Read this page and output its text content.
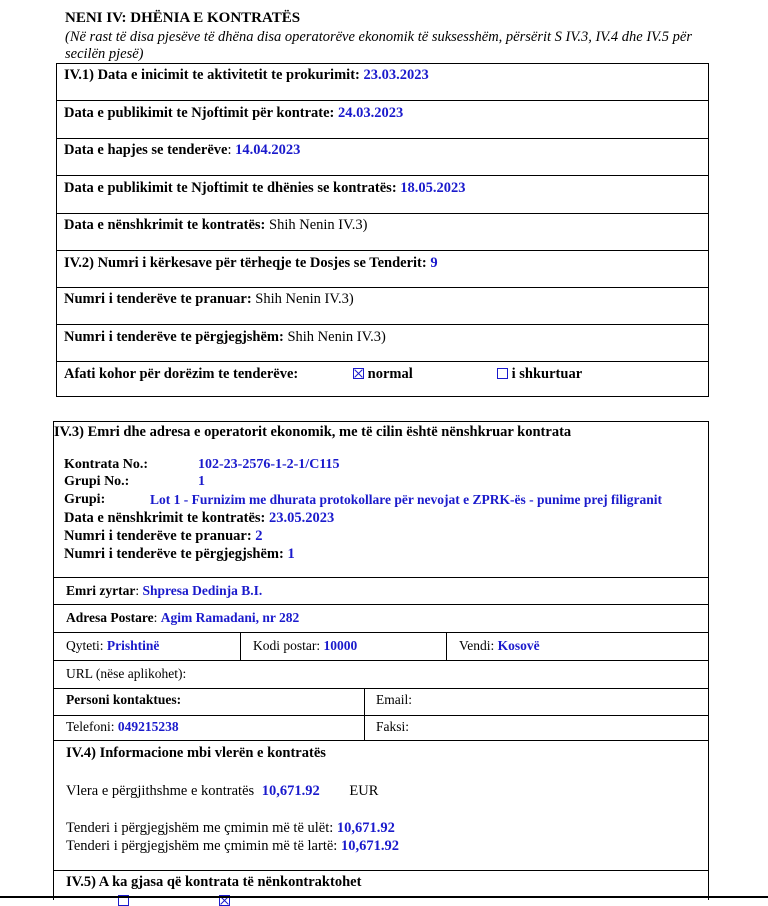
NENI IV: DHËNIA E KONTRATËS
(Në rast të disa pjesëve të dhëna disa operatorëve ekonomik të suksesshëm, përsërit S IV.3, IV.4 dhe IV.5 për secilën pjesë)
IV.1) Data e inicimit te aktivitetit te prokurimit: 23.03.2023
Data e publikimit te Njoftimit për kontrate: 24.03.2023
Data e hapjes se tenderëve: 14.04.2023
Data e publikimit te Njoftimit te dhënies se kontratës: 18.05.2023
Data e nënshkrimit te kontratës: Shih Nenin IV.3)
IV.2) Numri i kërkesave për tërheqje te Dosjes se Tenderit: 9
Numri i tenderëve te pranuar: Shih Nenin IV.3)
Numri i tenderëve te përgjegjshëm: Shih Nenin IV.3)
Afati kohor për dorëzim te tenderëve:	normal	i shkurtuar
IV.3) Emri dhe adresa e operatorit ekonomik, me të cilin është nënshkruar kontrata
Kontrata No.:	102-23-2576-1-2-1/C115
Grupi No.:	1
Grupi:	Lot 1 - Furnizim me dhurata protokollare për nevojat e ZPRK-ës - punime prej filigranit
Data e nënshkrimit te kontratës: 23.05.2023
Numri i tenderëve te pranuar: 2
Numri i tenderëve te përgjegjshëm: 1
Emri zyrtar: Shpresa Dedinja B.I.
Adresa Postare: Agim Ramadani, nr 282
Qyteti: Prishtinë	Kodi postar: 10000	Vendi: Kosovë
URL (nëse aplikohet):
Personi kontaktues:	Email:
Telefoni: 049215238	Faksi:
IV.4) Informacione mbi vlerën e kontratës
Vlera e përgjithshme e kontratës 10,671.92 EUR
Tenderi i përgjegjshëm me çmimin më të ulët: 10,671.92
Tenderi i përgjegjshëm me çmimin më të lartë: 10,671.92
IV.5) A ka gjasa që kontrata të nënkontraktohet
